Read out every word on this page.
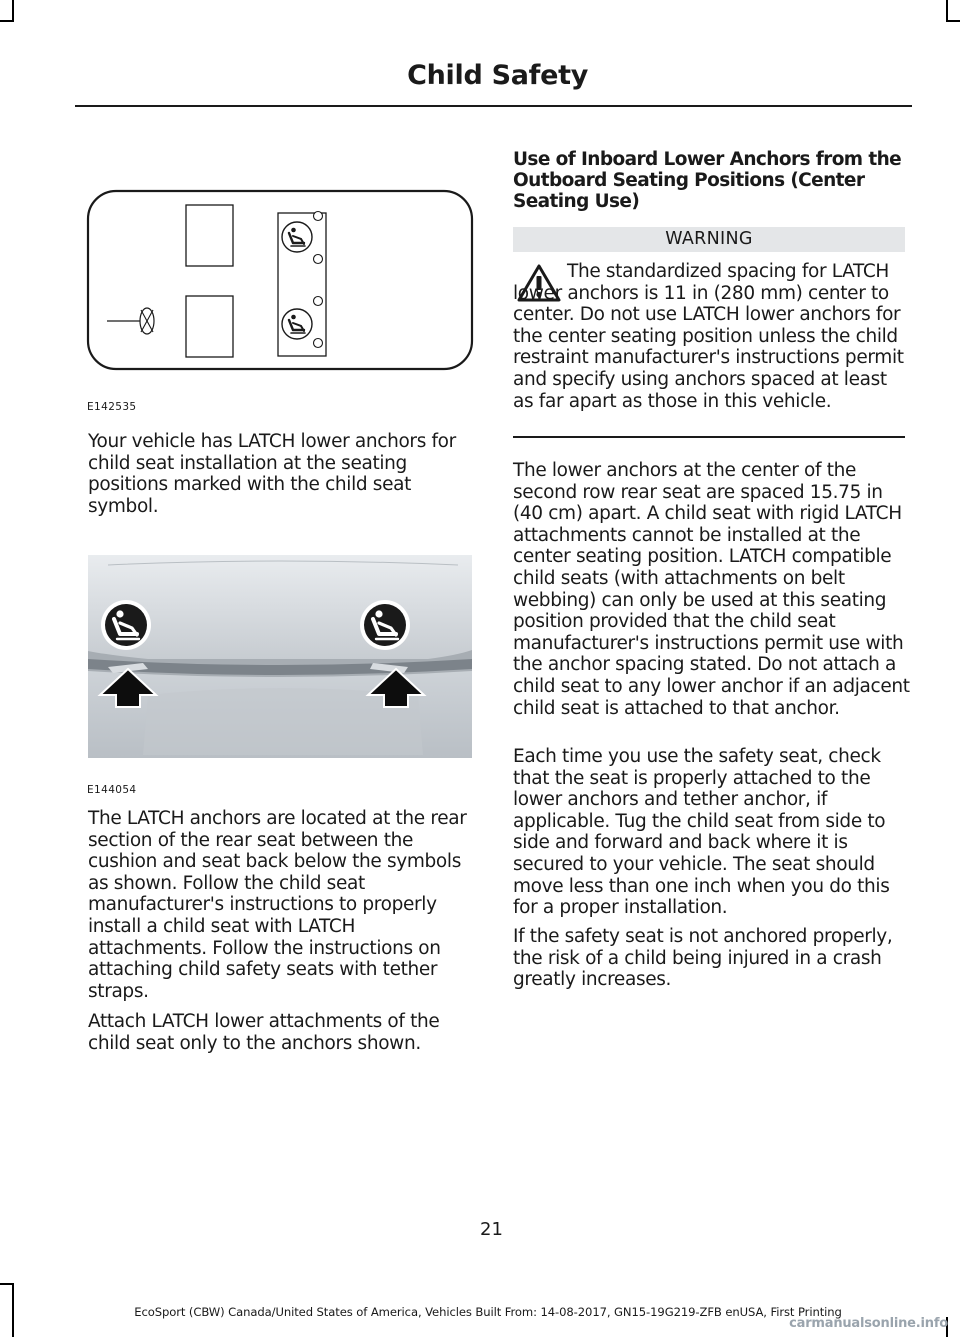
Child Safety
E142535

Your vehicle has LATCH lower anchors for child seat installation at the seating positions marked with the child seat symbol.

E144054

The LATCH anchors are located at the rear section of the rear seat between the cushion and seat back below the symbols as shown. Follow the child seat manufacturer's instructions to properly install a child seat with LATCH attachments. Follow the instructions on attaching child safety seats with tether straps.

Attach LATCH lower attachments of the child seat only to the anchors shown.

Use of Inboard Lower Anchors from the Outboard Seating Positions (Center Seating Use)
WARNING

The standardized spacing for LATCH lower anchors is 11 in (280 mm) center to center. Do not use LATCH lower anchors for the center seating position unless the child restraint manufacturer's instructions permit and specify using anchors spaced at least as far apart as those in this vehicle.

The lower anchors at the center of the second row rear seat are spaced 15.75 in (40 cm) apart. A child seat with rigid LATCH attachments cannot be installed at the center seating position. LATCH compatible child seats (with attachments on belt webbing) can only be used at this seating position provided that the child seat manufacturer's instructions permit use with the anchor spacing stated. Do not attach a child seat to any lower anchor if an adjacent child seat is attached to that anchor.

Each time you use the safety seat, check that the seat is properly attached to the lower anchors and tether anchor, if applicable. Tug the child seat from side to side and forward and back where it is secured to your vehicle. The seat should move less than one inch when you do this for a proper installation.

If the safety seat is not anchored properly, the risk of a child being injured in a crash greatly increases.

21
EcoSport (CBW) Canada/United States of America, Vehicles Built From: 14-08-2017, GN15-19G219-ZFB enUSA, First Printing
carmanualsonline.info
